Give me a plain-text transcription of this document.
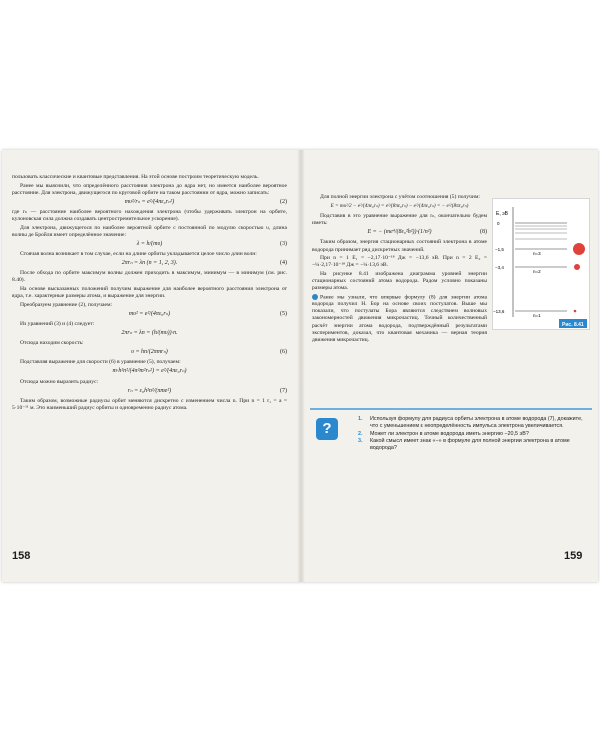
пользовать классические и квантовые представления. На этой основе построим теоретическую модель.

Ранее мы выяснили, что определённого расстояния электрона до ядра нет, но имеется наиболее вероятное расстояние. Для электрона, движущегося по круговой орбите на таком расстоянии от ядра, можно записать:

mυ²/rₙ = e²/(4πε₀rₙ²)	(2)

где rₙ — расстояние наиболее вероятного нахождения электрона (чтобы удерживать электрон на орбите, кулоновская сила должна создавать центростремительное ускорение).

Для электрона, движущегося по наиболее вероятной орбите с постоянной по модулю скоростью υ, длина волны де Бройля имеет определённое значение:

λ = h/(mυ)	(3)

Стоячая волна возникает в том случае, если на длине орбиты укладывается целое число длин волн:

2πrₙ = λn (n = 1, 2, 3).	(4)

После обхода по орбите максимум волны должен приходить в максимум, минимум — в минимум (см. рис. 8.40).

На основе высказанных положений получим выражение для наиболее вероятного расстояния электрона от ядра, т.е. характерные размеры атома, и выражение для энергии.

Преобразуем уравнение (2), получаем:

mυ² = e²/(4πε₀rₙ)	(5)

Из уравнений (3) и (4) следует:

2πrₙ = λn = (h/(mυ))·n.

Отсюда находим скорость:

υ = hn/(2πmrₙ)	(6)

Подставляя выражение для скорости (6) в уравнение (5), получаем:

m·h²n²/(4π²m²rₙ²) = e²/(4πε₀rₙ)

Отсюда можно выразить радиус:

rₙ = ε₀h²n²/(πme²)	(7)

Таким образом, возможные радиусы орбит меняются дискретно с изменением числа n. При n = 1 r₁ = a = 5·10⁻¹¹ м. Это наименьший радиус орбиты и одновременно радиус атома.

158

Для полной энергии электрона с учётом соотношения (5) получим:

E = mυ²/2 − e²/(4πε₀rₙ) = e²/(8πε₀rₙ) − e²/(4πε₀rₙ) = − e²/(8πε₀rₙ)

Подставив в это уравнение выражение для rₙ, окончательно будем иметь:

E = − (me⁴/(8ε₀²h²))·(1/n²)	(8)

Таким образом, энергия стационарных состояний электрона в атоме водорода принимает ряд дискретных значений.

При n = 1 E₁ = −2,17·10⁻¹⁸ Дж = −13,6 эВ. При n = 2 E₂ = −¼·2,17·10⁻¹⁸ Дж = −¼·13,6 эВ.

На рисунке 8.41 изображена диаграмма уровней энергии стационарных состояний атома водорода. Радом условно показаны размеры атома.

Ранее мы узнали, что впервые формулу (8) для энергии атома водорода получил Н. Бор на основе своих постулатов. Выше мы показали, что постулаты Бора являются следствием волновых закономерностей движения микрочастиц. Точный количественный расчёт энергии атома водорода, подтверждённый результатами экспериментов, доказал, что квантовая механика — верная теория движения микрочастиц.

E, эВ
0
−1,5
−3,4
−13,6
n=3
n=2
n=1
Рис. 8.41
?
1. Используя формулу для радиуса орбиты электрона в атоме водорода (7), докажите, что с уменьшением ε неопределённость импульса электрона увеличивается.
2. Может ли электрон в атоме водорода иметь энергию −20,5 эВ?
3. Какой смысл имеет знак «−» в формуле для полной энергии электрона в атоме водорода?
159
